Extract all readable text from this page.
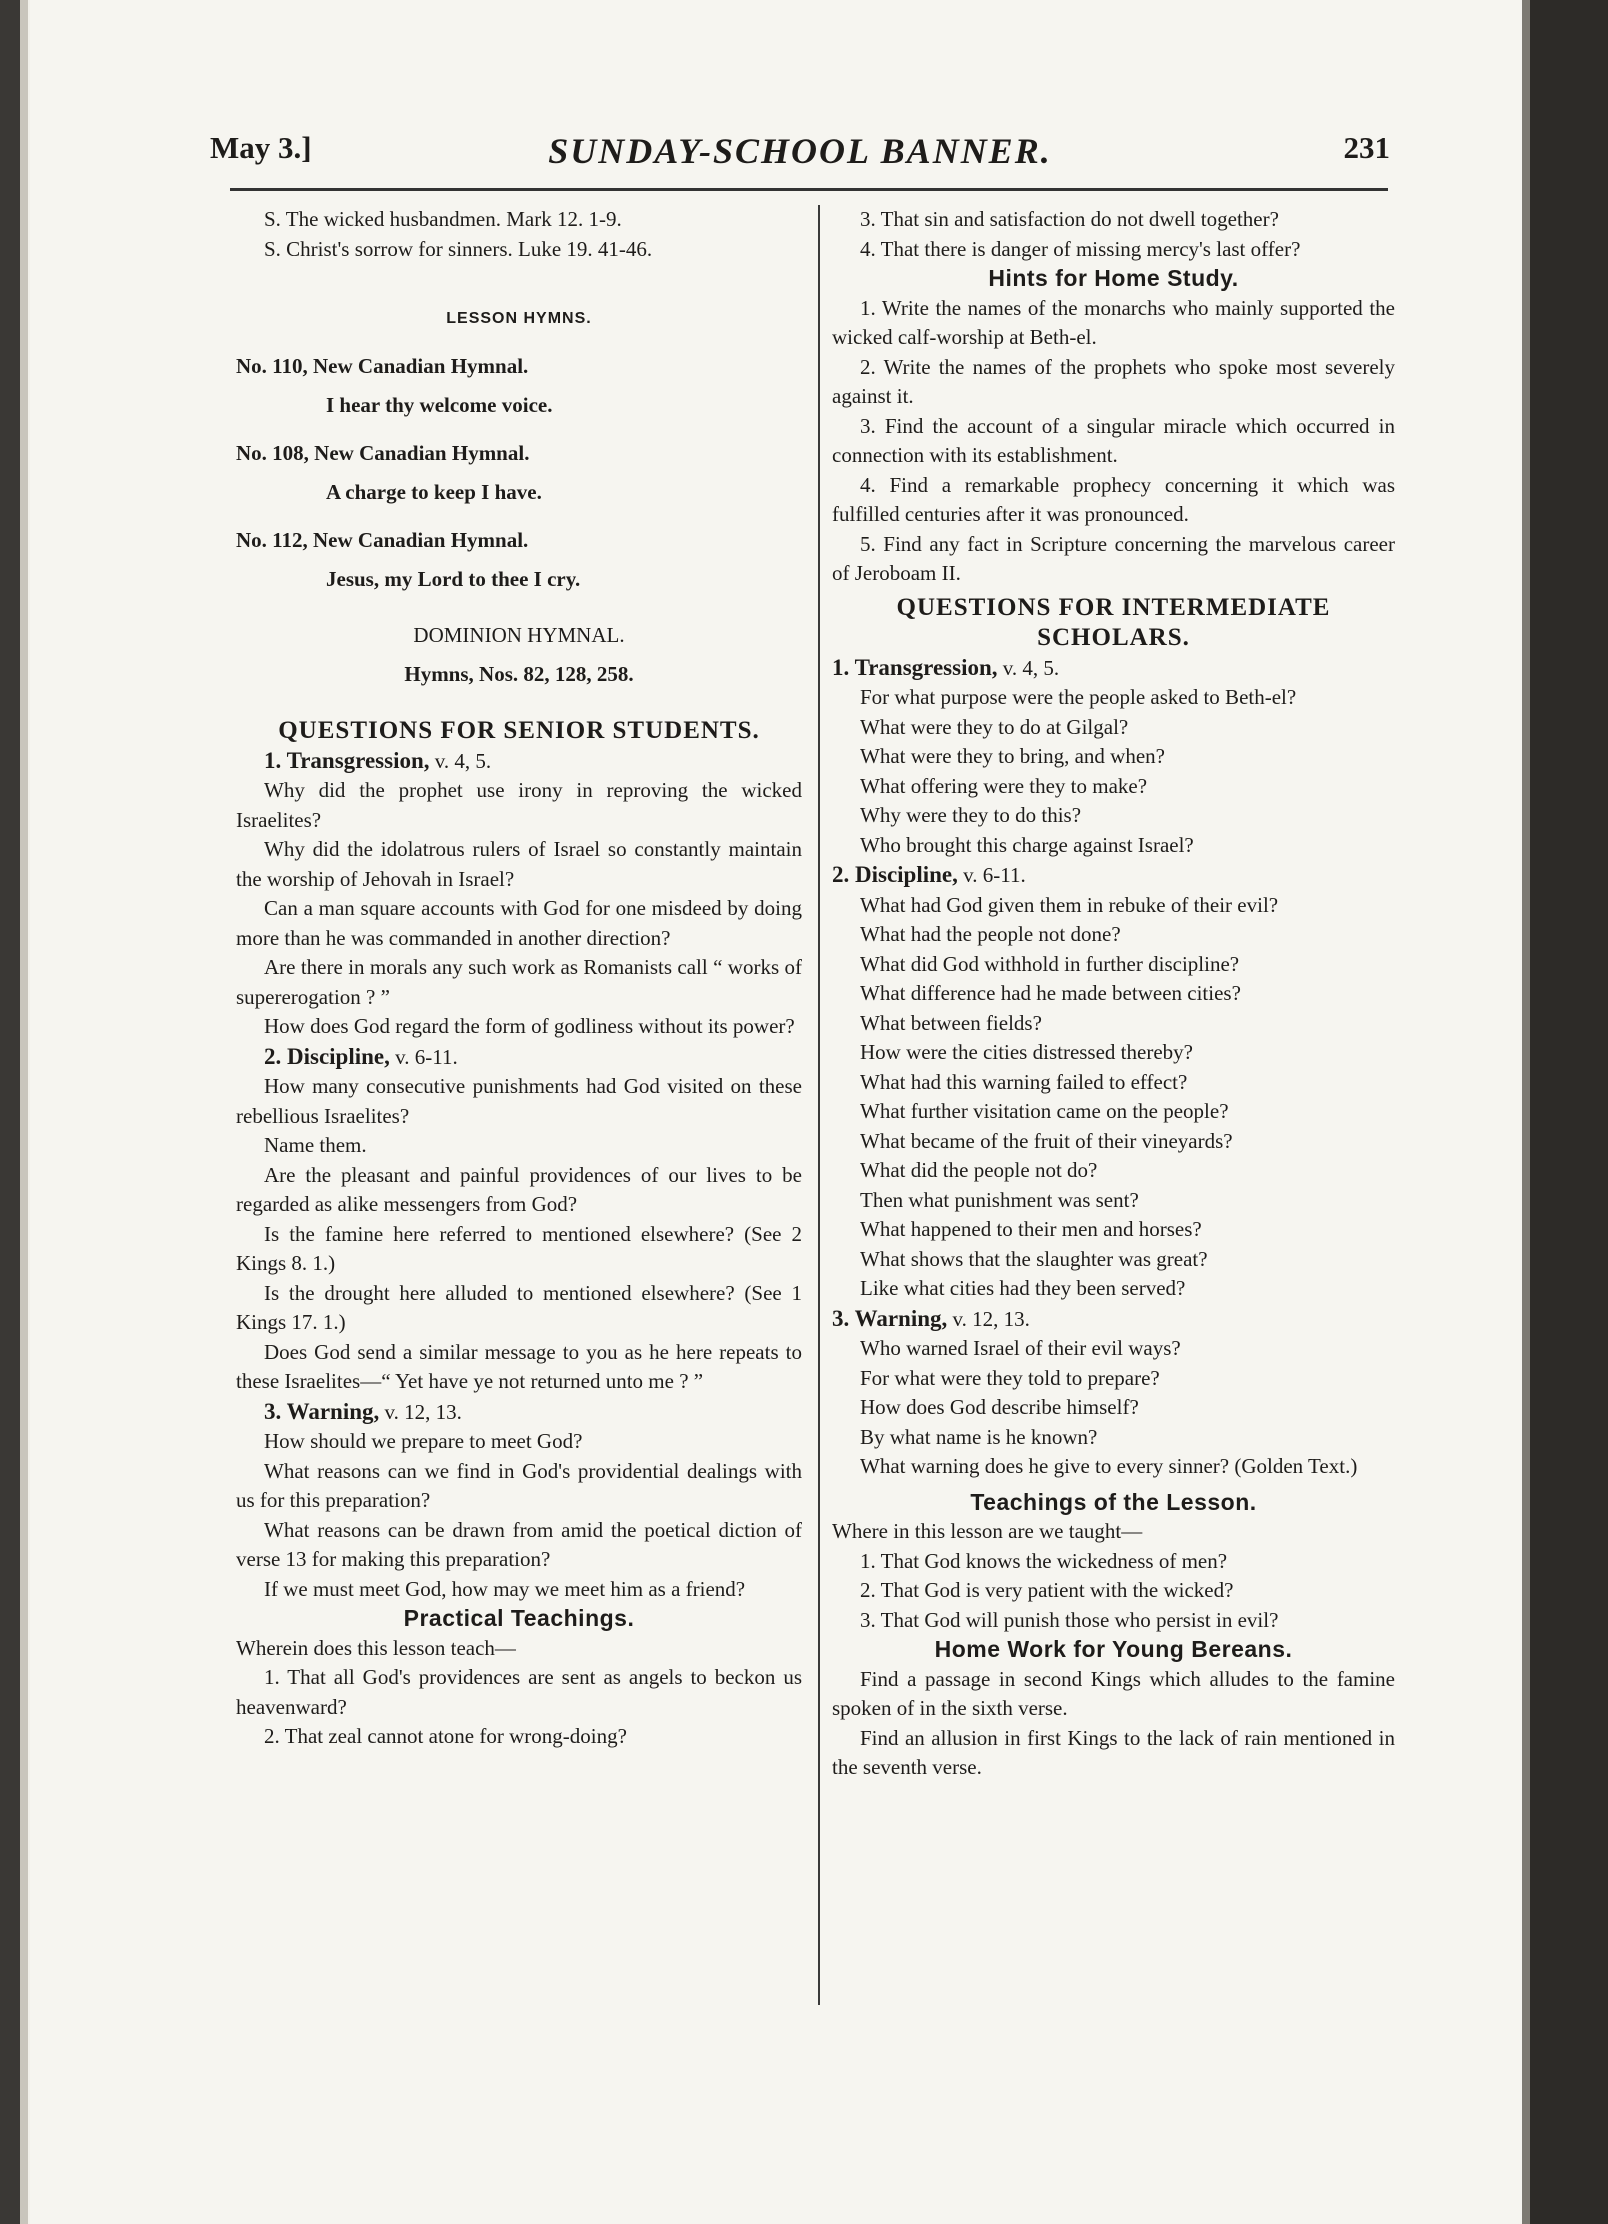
SUNDAY-SCHOOL BANNER.
May 3.]	231

S. The wicked husbandmen. Mark 12. 1-9.

S. Christ's sorrow for sinners. Luke 19. 41-46.

LESSON HYMNS.

No. 110, New Canadian Hymnal.

I hear thy welcome voice.

No. 108, New Canadian Hymnal.

A charge to keep I have.

No. 112, New Canadian Hymnal.

Jesus, my Lord to thee I cry.

DOMINION HYMNAL.

Hymns, Nos. 82, 128, 258.

QUESTIONS FOR SENIOR STUDENTS.

1. Transgression, v. 4, 5.

Why did the prophet use irony in reproving the wicked Israelites?

Why did the idolatrous rulers of Israel so constantly maintain the worship of Jehovah in Israel?

Can a man square accounts with God for one misdeed by doing more than he was commanded in another direction?

Are there in morals any such work as Romanists call “ works of supererogation ? ”

How does God regard the form of godliness without its power?

2. Discipline, v. 6-11.

How many consecutive punishments had God visited on these rebellious Israelites?

Name them.

Are the pleasant and painful providences of our lives to be regarded as alike messengers from God?

Is the famine here referred to mentioned elsewhere? (See 2 Kings 8. 1.)

Is the drought here alluded to mentioned elsewhere? (See 1 Kings 17. 1.)

Does God send a similar message to you as he here repeats to these Israelites—“ Yet have ye not returned unto me ? ”

3. Warning, v. 12, 13.

How should we prepare to meet God?

What reasons can we find in God's providential dealings with us for this preparation?

What reasons can be drawn from amid the poetical diction of verse 13 for making this preparation?

If we must meet God, how may we meet him as a friend?

Practical Teachings.

Wherein does this lesson teach—

1. That all God's providences are sent as angels to beckon us heavenward?

2. That zeal cannot atone for wrong-doing?

3. That sin and satisfaction do not dwell together?

4. That there is danger of missing mercy's last offer?

Hints for Home Study.

1. Write the names of the monarchs who mainly supported the wicked calf-worship at Beth-el.

2. Write the names of the prophets who spoke most severely against it.

3. Find the account of a singular miracle which occurred in connection with its establishment.

4. Find a remarkable prophecy concerning it which was fulfilled centuries after it was pronounced.

5. Find any fact in Scripture concerning the marvelous career of Jeroboam II.

QUESTIONS FOR INTERMEDIATE

SCHOLARS.

1. Transgression, v. 4, 5.

For what purpose were the people asked to Beth-el?

What were they to do at Gilgal?

What were they to bring, and when?

What offering were they to make?

Why were they to do this?

Who brought this charge against Israel?

2. Discipline, v. 6-11.

What had God given them in rebuke of their evil?

What had the people not done?

What did God withhold in further discipline?

What difference had he made between cities?

What between fields?

How were the cities distressed thereby?

What had this warning failed to effect?

What further visitation came on the people?

What became of the fruit of their vineyards?

What did the people not do?

Then what punishment was sent?

What happened to their men and horses?

What shows that the slaughter was great?

Like what cities had they been served?

3. Warning, v. 12, 13.

Who warned Israel of their evil ways?

For what were they told to prepare?

How does God describe himself?

By what name is he known?

What warning does he give to every sinner? (Golden Text.)

Teachings of the Lesson.

Where in this lesson are we taught—

1. That God knows the wickedness of men?

2. That God is very patient with the wicked?

3. That God will punish those who persist in evil?

Home Work for Young Bereans.

Find a passage in second Kings which alludes to the famine spoken of in the sixth verse.

Find an allusion in first Kings to the lack of rain mentioned in the seventh verse.
